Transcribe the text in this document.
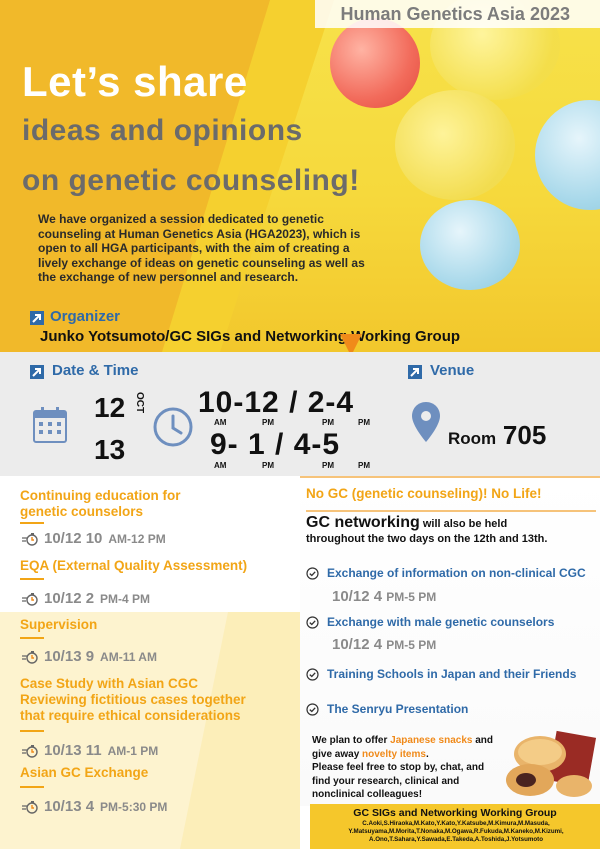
Human Genetics Asia 2023
Let’s share
ideas and opinions
on genetic counseling!
We have organized a session dedicated to genetic counseling at Human Genetics Asia (HGA2023), which is open to all HGA participants, with the aim of creating a lively exchange of ideas on genetic counseling as well as the exchange of new personnel and research.
Organizer
Junko Yotsumoto/GC SIGs and Networking Working Group
Date & Time
12 OCT
13
10-12 / 2-4
AM	PM	PM	PM
9- 1 / 4-5
AM	PM	PM	PM
Venue
Room 705
Continuing education for
genetic counselors
10/12 10 AM-12 PM
EQA (External Quality Assessment)
10/12 2 PM-4 PM
Supervision
10/13 9 AM-11 AM
Case Study with Asian CGC
Reviewing fictitious cases together
that require ethical considerations
10/13 11 AM-1 PM
Asian GC Exchange
10/13 4 PM-5:30 PM
No GC (genetic counseling)! No Life!
GC networking will also be held
throughout the two days on the 12th and 13th.
Exchange of information on non-clinical CGC
10/12 4 PM-5 PM
Exchange with male genetic counselors
10/12 4 PM-5 PM
Training Schools in Japan and their Friends
The Senryu Presentation
We plan to offer Japanese snacks and give away novelty items.
Please feel free to stop by, chat, and find your research, clinical and nonclinical colleagues!
GC SIGs and Networking Working Group
C.Aoki,S.Hiraoka,M.Kato,Y.Kato,Y.Katsube,M.Kimura,M.Masuda, Y.Matsuyama,M.Morita,T.Nonaka,M.Ogawa,R.Fukuda,M.Kaneko,M.Kizumi, A.Ono,T.Sahara,Y.Sawada,E.Takeda,A.Toshida,J.Yotsumoto
